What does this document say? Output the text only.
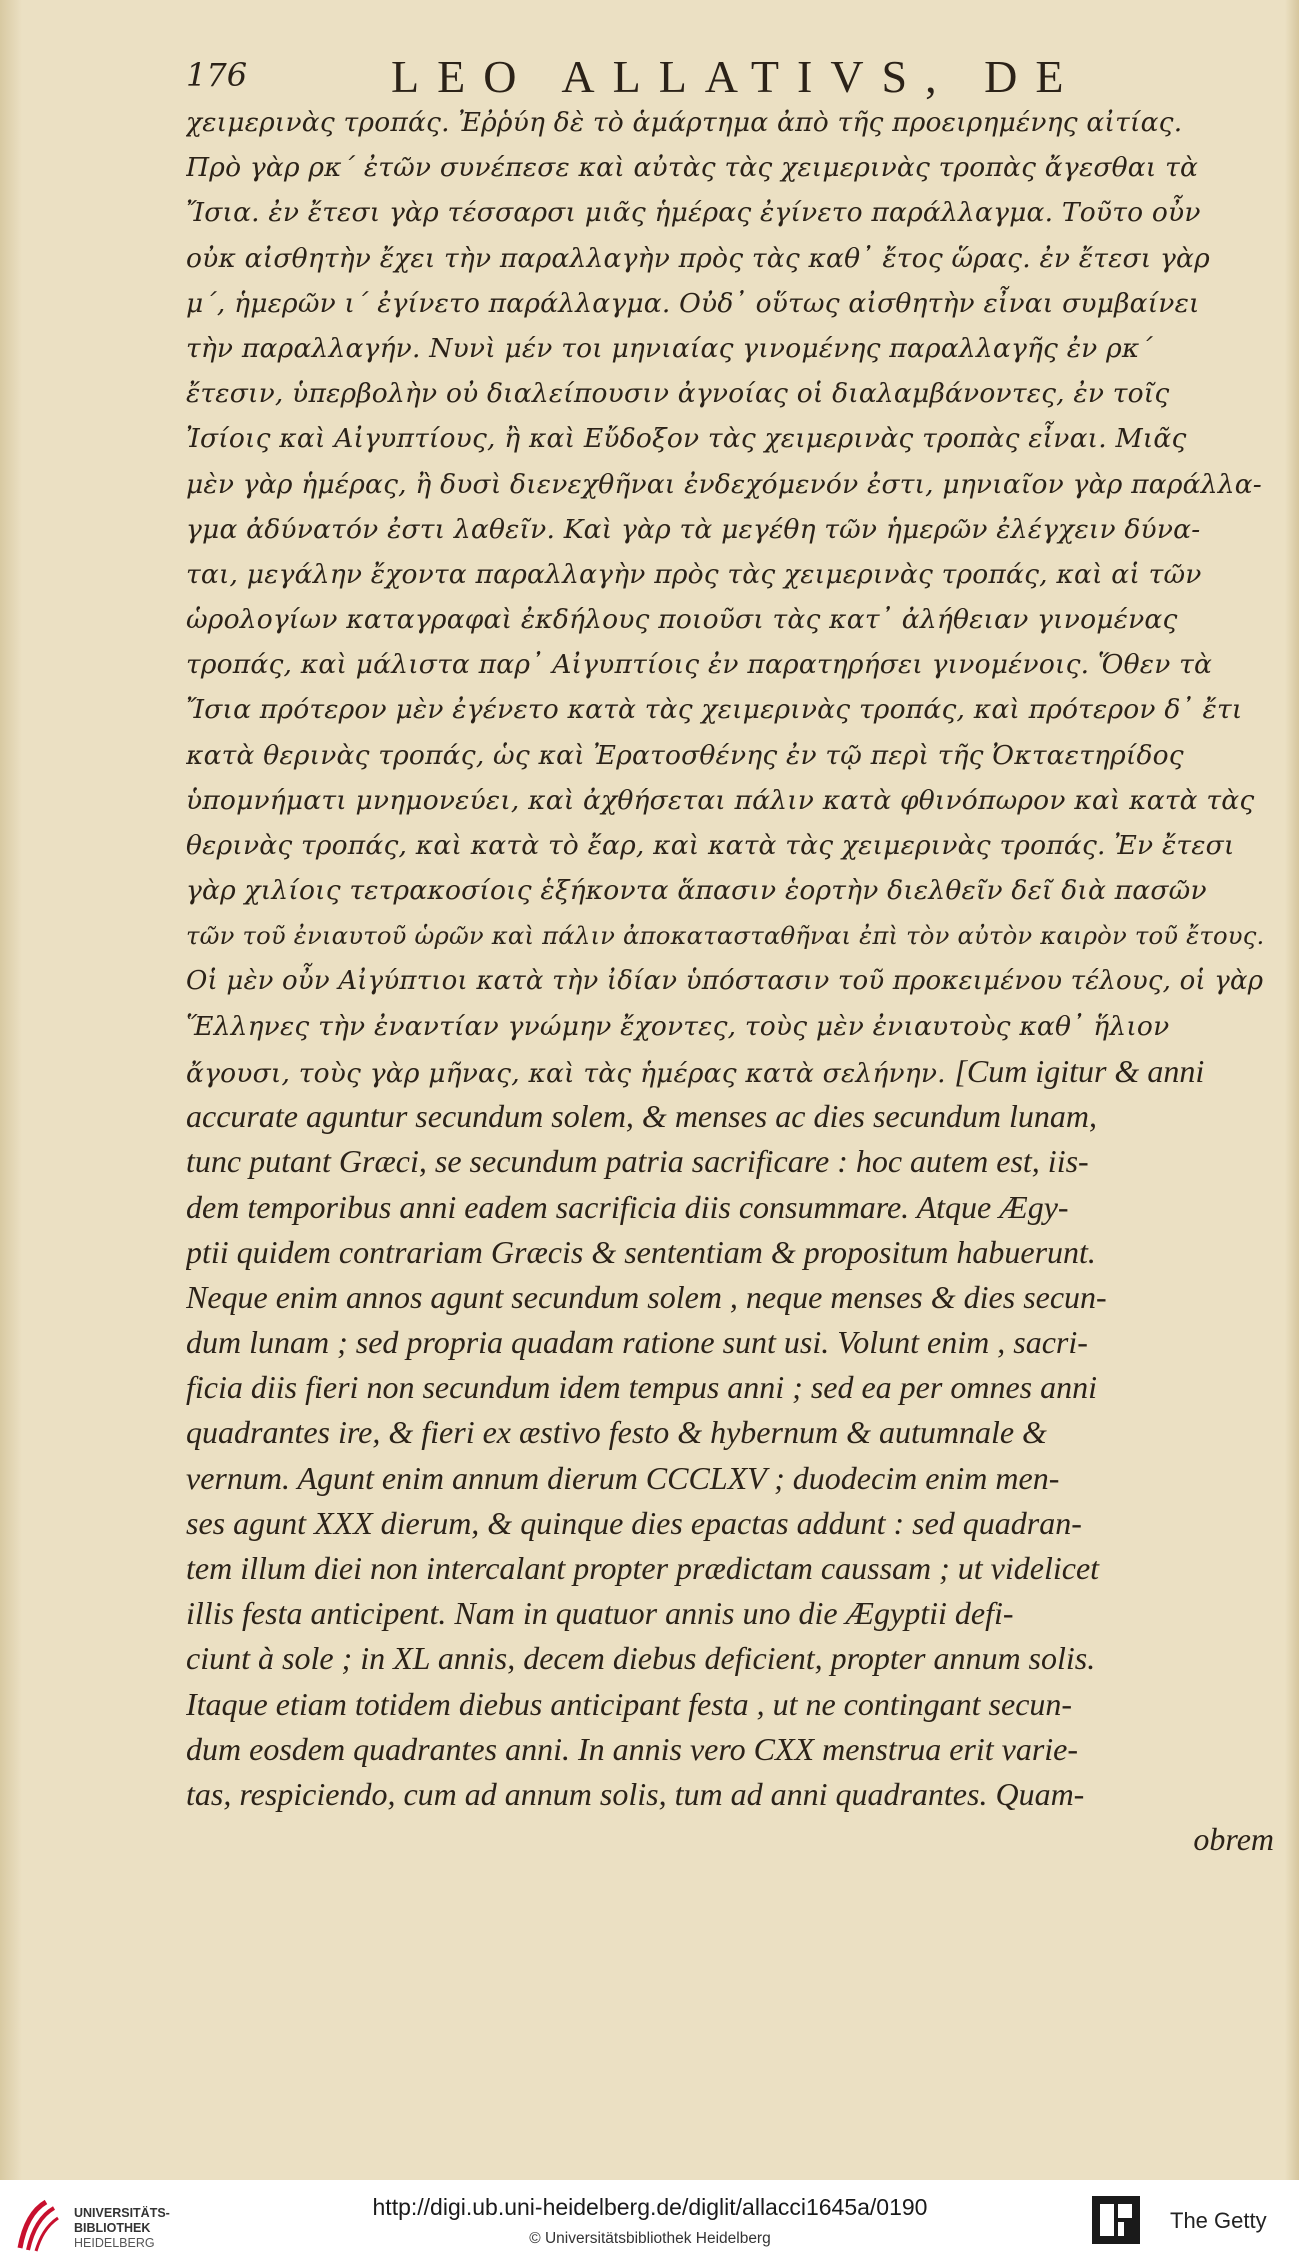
176	LEO ALLATIVS, DE
χειμερινὰς τροπάς. Ἐῤῥύη δὲ τὸ ἁμάρτημα ἀπὸ τῆς προειρημένης αἰτίας.
Πρὸ γὰρ ρκ΄ ἐτῶν συνέπεσε καὶ αὐτὰς τὰς χειμερινὰς τροπὰς ἄγεσθαι τὰ
Ἴσια. ἐν ἔτεσι γὰρ τέσσαρσι μιᾶς ἡμέρας ἐγίνετο παράλλαγμα. Τοῦτο οὖν
οὐκ αἰσθητὴν ἔχει τὴν παραλλαγὴν πρὸς τὰς καθ᾽ ἔτος ὥρας. ἐν ἔτεσι γὰρ
μ΄, ἡμερῶν ι΄ ἐγίνετο παράλλαγμα. Οὐδ᾽ οὕτως αἰσθητὴν εἶναι συμβαίνει
τὴν παραλλαγήν. Νυνὶ μέν τοι μηνιαίας γινομένης παραλλαγῆς ἐν ρκ΄
ἔτεσιν, ὑπερβολὴν οὐ διαλείπουσιν ἀγνοίας οἱ διαλαμβάνοντες, ἐν τοῖς
Ἰσίοις καὶ Αἰγυπτίους, ἢ καὶ Εὔδοξον τὰς χειμερινὰς τροπὰς εἶναι. Μιᾶς
μὲν γὰρ ἡμέρας, ἢ δυσὶ διενεχθῆναι ἐνδεχόμενόν ἐστι, μηνιαῖον γὰρ παράλλα-
γμα ἀδύνατόν ἐστι λαθεῖν. Καὶ γὰρ τὰ μεγέθη τῶν ἡμερῶν ἐλέγχειν δύνα-
ται, μεγάλην ἔχοντα παραλλαγὴν πρὸς τὰς χειμερινὰς τροπάς, καὶ αἱ τῶν
ὡρολογίων καταγραφαὶ ἐκδήλους ποιοῦσι τὰς κατ᾽ ἀλήθειαν γινομένας
τροπάς, καὶ μάλιστα παρ᾽ Αἰγυπτίοις ἐν παρατηρήσει γινομένοις. Ὅθεν τὰ
Ἴσια πρότερον μὲν ἐγένετο κατὰ τὰς χειμερινὰς τροπάς, καὶ πρότερον δ᾽ ἔτι
κατὰ θερινὰς τροπάς, ὡς καὶ Ἐρατοσθένης ἐν τῷ περὶ τῆς Ὀκταετηρίδος
ὑπομνήματι μνημονεύει, καὶ ἀχθήσεται πάλιν κατὰ φθινόπωρον καὶ κατὰ τὰς
θερινὰς τροπάς, καὶ κατὰ τὸ ἔαρ, καὶ κατὰ τὰς χειμερινὰς τροπάς. Ἐν ἔτεσι
γὰρ χιλίοις τετρακοσίοις ἑξήκοντα ἅπασιν ἑορτὴν διελθεῖν δεῖ διὰ πασῶν
τῶν τοῦ ἐνιαυτοῦ ὡρῶν καὶ πάλιν ἀποκατασταθῆναι ἐπὶ τὸν αὐτὸν καιρὸν τοῦ ἔτους.
Οἱ μὲν οὖν Αἰγύπτιοι κατὰ τὴν ἰδίαν ὑπόστασιν τοῦ προκειμένου τέλους, οἱ γὰρ
Ἕλληνες τὴν ἐναντίαν γνώμην ἔχοντες, τοὺς μὲν ἐνιαυτοὺς καθ᾽ ἥλιον
ἄγουσι, τοὺς γὰρ μῆνας, καὶ τὰς ἡμέρας κατὰ σελήνην. [Cum igitur & anni
accurate aguntur secundum solem, & menses ac dies secundum lunam,
tunc putant Græci, se secundum patria sacrificare : hoc autem est, iis-
dem temporibus anni eadem sacrificia diis consummare. Atque Ægy-
ptii quidem contrariam Græcis & sententiam & propositum habuerunt.
Neque enim annos agunt secundum solem , neque menses & dies secun-
dum lunam ; sed propria quadam ratione sunt usi. Volunt enim , sacri-
ficia diis fieri non secundum idem tempus anni ; sed ea per omnes anni
quadrantes ire, & fieri ex æstivo festo & hybernum & autumnale &
vernum. Agunt enim annum dierum CCCLXV ; duodecim enim men-
ses agunt XXX dierum, & quinque dies epactas addunt : sed quadran-
tem illum diei non intercalant propter prædictam caussam ; ut videlicet
illis festa anticipent. Nam in quatuor annis uno die Ægyptii defi-
ciunt à sole ; in XL annis, decem diebus deficient, propter annum solis.
Itaque etiam totidem diebus anticipant festa , ut ne contingant secun-
dum eosdem quadrantes anni. In annis vero CXX menstrua erit varie-
tas, respiciendo, cum ad annum solis, tum ad anni quadrantes. Quam-
obrem
UNIVERSITÄTS-
BIBLIOTHEK
HEIDELBERG
http://digi.ub.uni-heidelberg.de/diglit/allacci1645a/0190
© Universitätsbibliothek Heidelberg
The Getty
